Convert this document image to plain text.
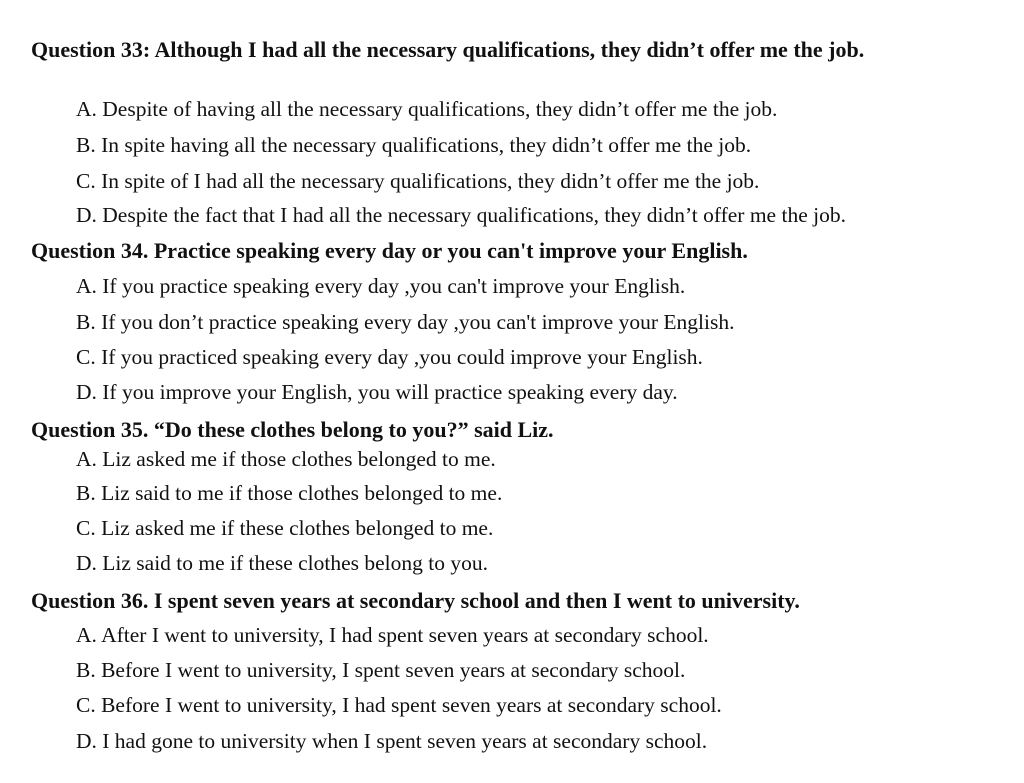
Question 33: Although I had all the necessary qualifications, they didn’t offer me the job.
A. Despite of having all the necessary qualifications, they didn’t offer me the job.
B. In spite having all the necessary qualifications, they didn’t offer me the job.
C. In spite of I had all the necessary qualifications, they didn’t offer me the job.
D. Despite the fact that I had all the necessary qualifications, they didn’t offer me the job.
Question 34. Practice speaking every day or you can't improve your English.
A. If you practice speaking every day ,you can't improve your English.
B. If you don’t practice speaking every day ,you can't improve your English.
C. If you practiced speaking every day ,you could improve your English.
D. If you improve your English, you will practice speaking every day.
Question 35. “Do these clothes belong to you?” said Liz.
A. Liz asked me if those clothes belonged to me.
B. Liz said to me if those clothes belonged to me.
C. Liz asked me if these clothes belonged to me.
D. Liz said to me if these clothes belong to you.
Question 36. I spent seven years at secondary school and then I went to university.
A. After I went to university, I had spent seven years at secondary school.
B. Before I went to university, I spent seven years at secondary school.
C. Before I went to university, I had spent seven years at secondary school.
D. I had gone to university when I spent seven years at secondary school.
